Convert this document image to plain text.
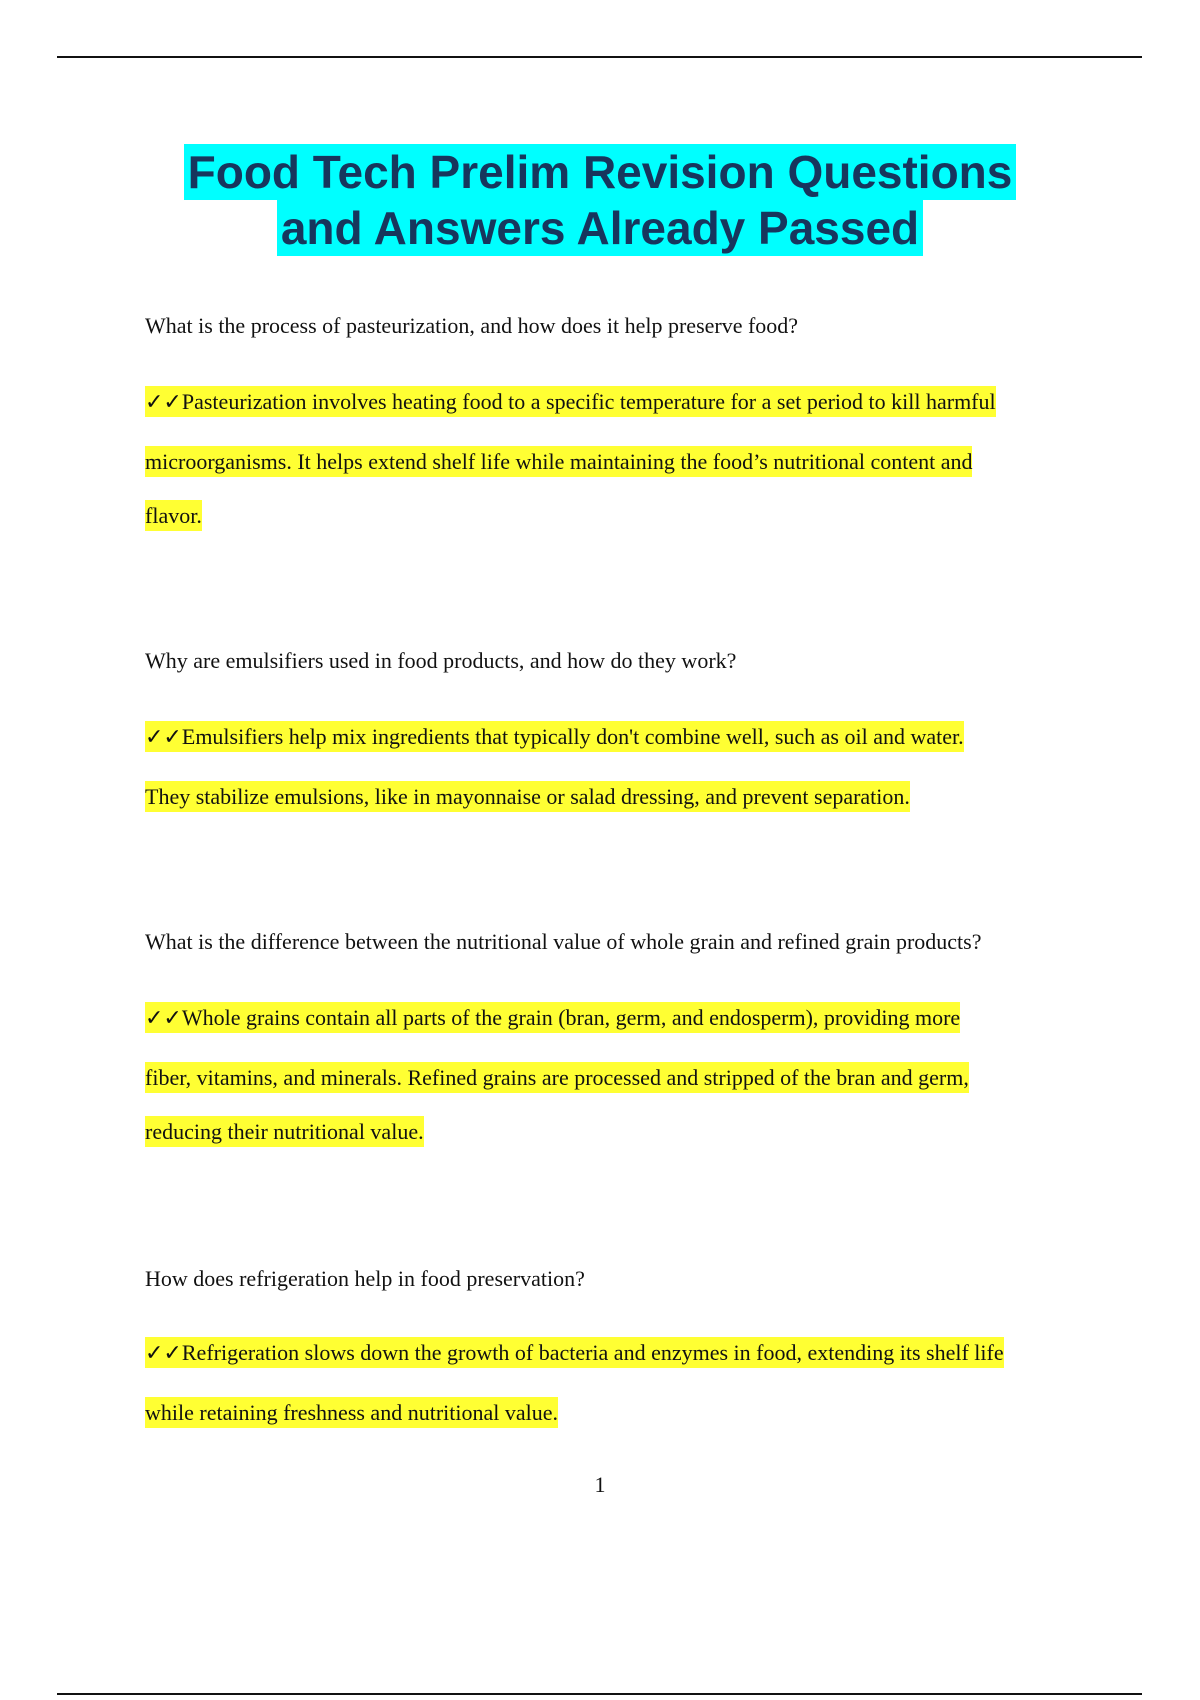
Food Tech Prelim Revision Questions
and Answers Already Passed
What is the process of pasteurization, and how does it help preserve food?
✓✓Pasteurization involves heating food to a specific temperature for a set period to kill harmful
microorganisms. It helps extend shelf life while maintaining the food’s nutritional content and
flavor.
Why are emulsifiers used in food products, and how do they work?
✓✓Emulsifiers help mix ingredients that typically don't combine well, such as oil and water.
They stabilize emulsions, like in mayonnaise or salad dressing, and prevent separation.
What is the difference between the nutritional value of whole grain and refined grain products?
✓✓Whole grains contain all parts of the grain (bran, germ, and endosperm), providing more
fiber, vitamins, and minerals. Refined grains are processed and stripped of the bran and germ,
reducing their nutritional value.
How does refrigeration help in food preservation?
✓✓Refrigeration slows down the growth of bacteria and enzymes in food, extending its shelf life
while retaining freshness and nutritional value.
1
